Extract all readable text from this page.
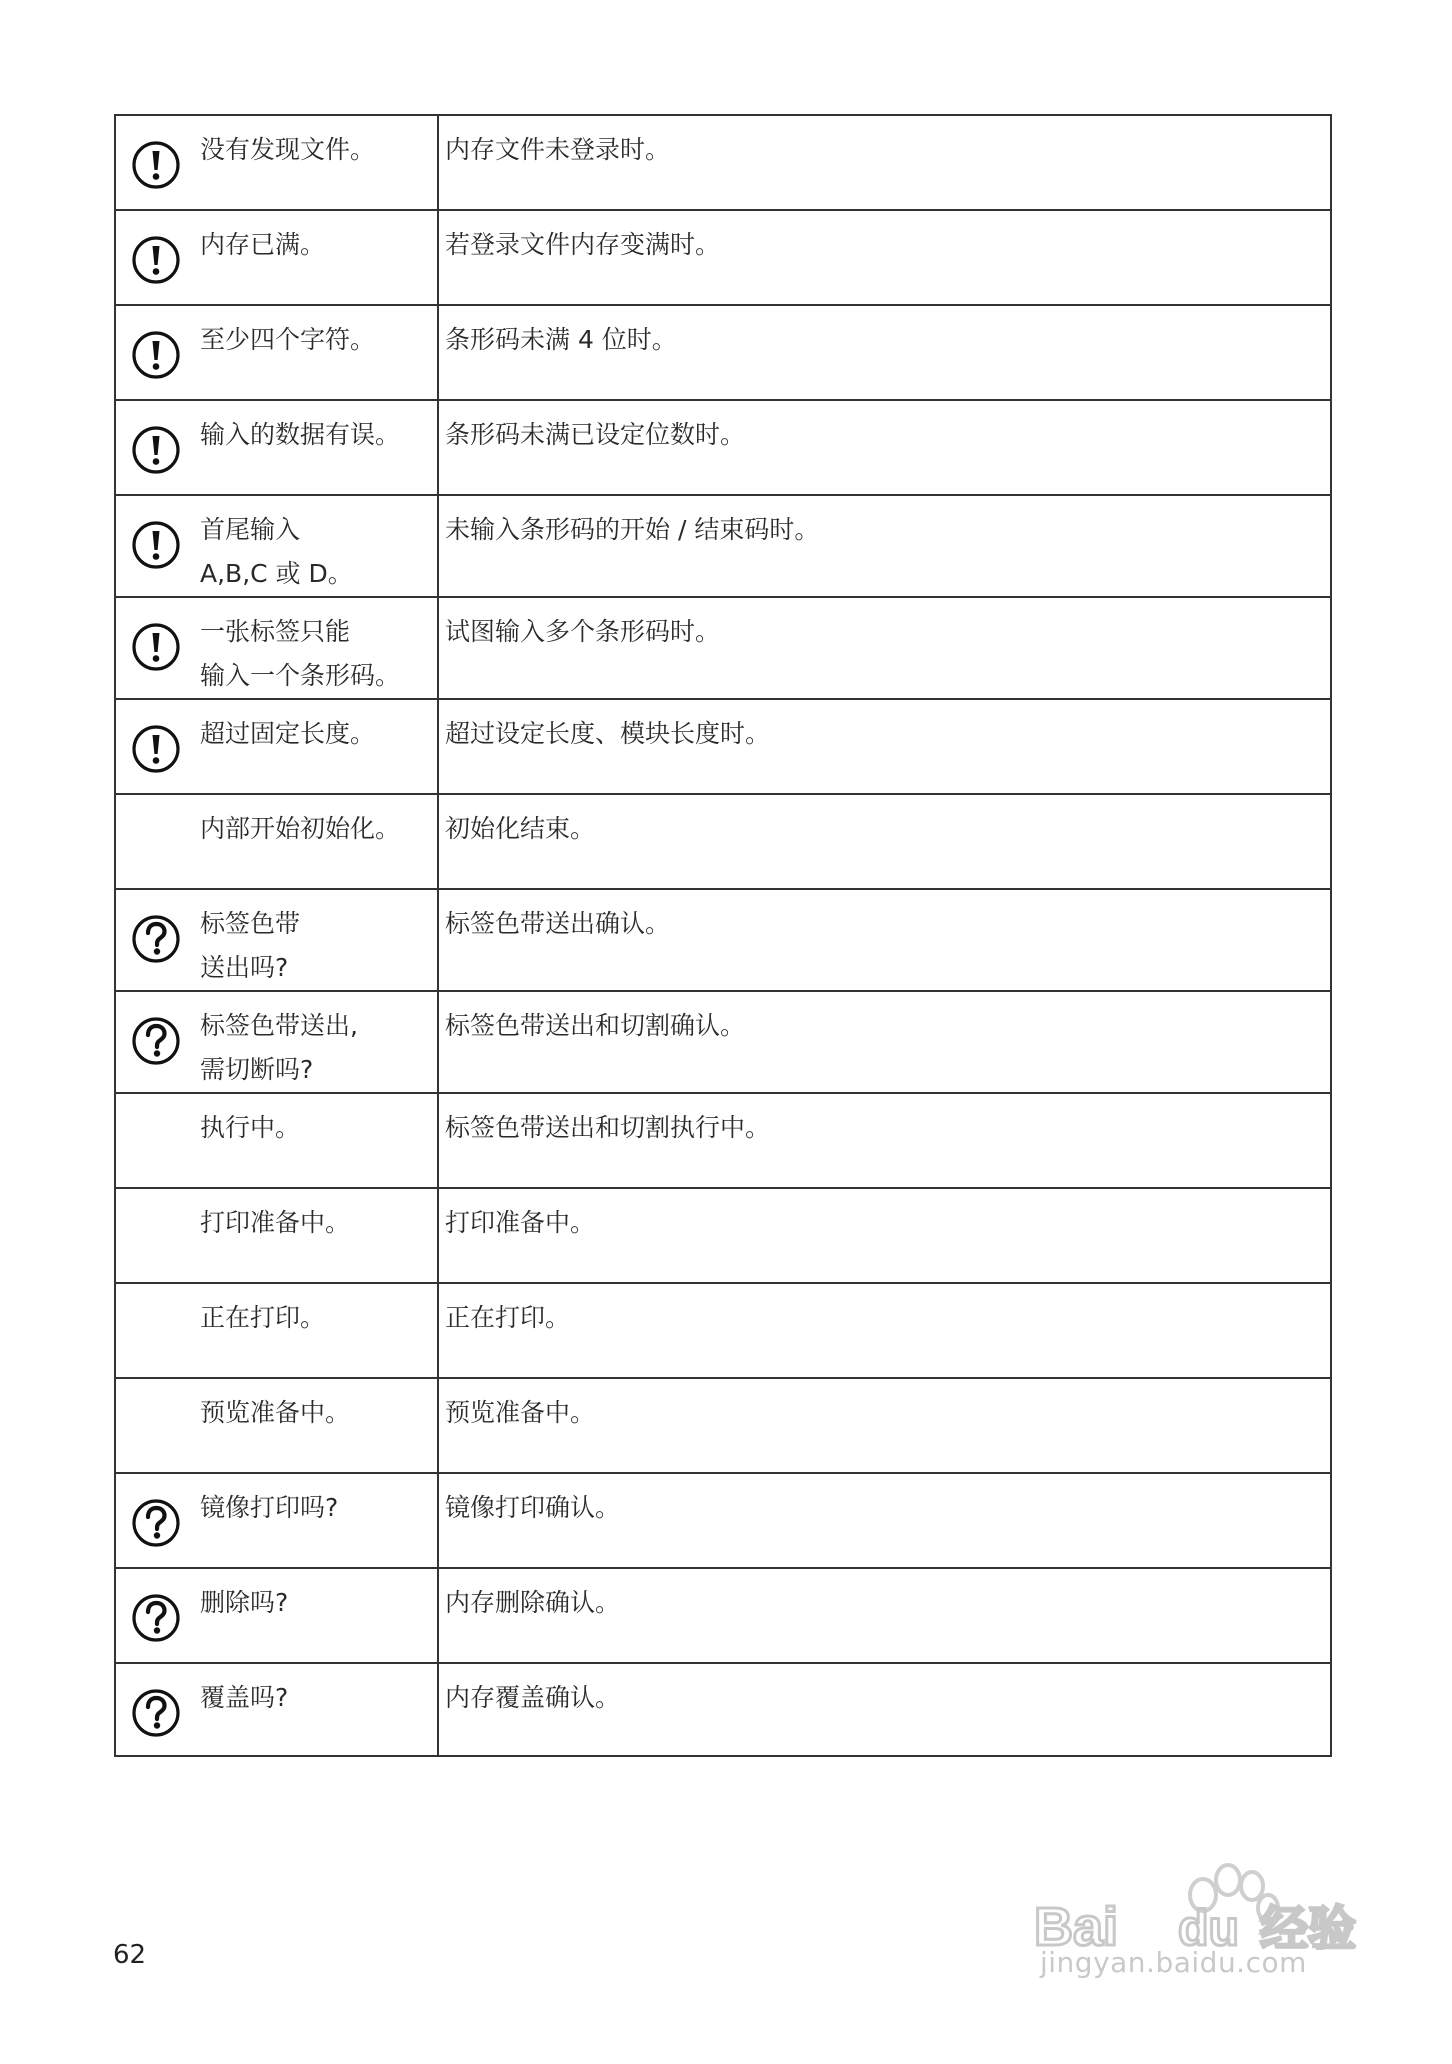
没有发现文件。	内存文件未登录时。

内存已满。	若登录文件内存变满时。

至少四个字符。	条形码未满 4 位时。

输入的数据有误。	条形码未满已设定位数时。

首尾输入
A,B,C 或 D。	未输入条形码的开始 / 结束码时。

一张标签只能
输入一个条形码。	试图输入多个条形码时。

超过固定长度。	超过设定长度、模块长度时。

内部开始初始化。	初始化结束。

标签色带
送出吗?	标签色带送出确认。

标签色带送出,
需切断吗?	标签色带送出和切割确认。

执行中。	标签色带送出和切割执行中。

打印准备中。	打印准备中。

正在打印。	正在打印。

预览准备中。	预览准备中。

镜像打印吗?	镜像打印确认。

删除吗?	内存删除确认。

覆盖吗?	内存覆盖确认。
62	Bai du 经验
jingyan.baidu.com
